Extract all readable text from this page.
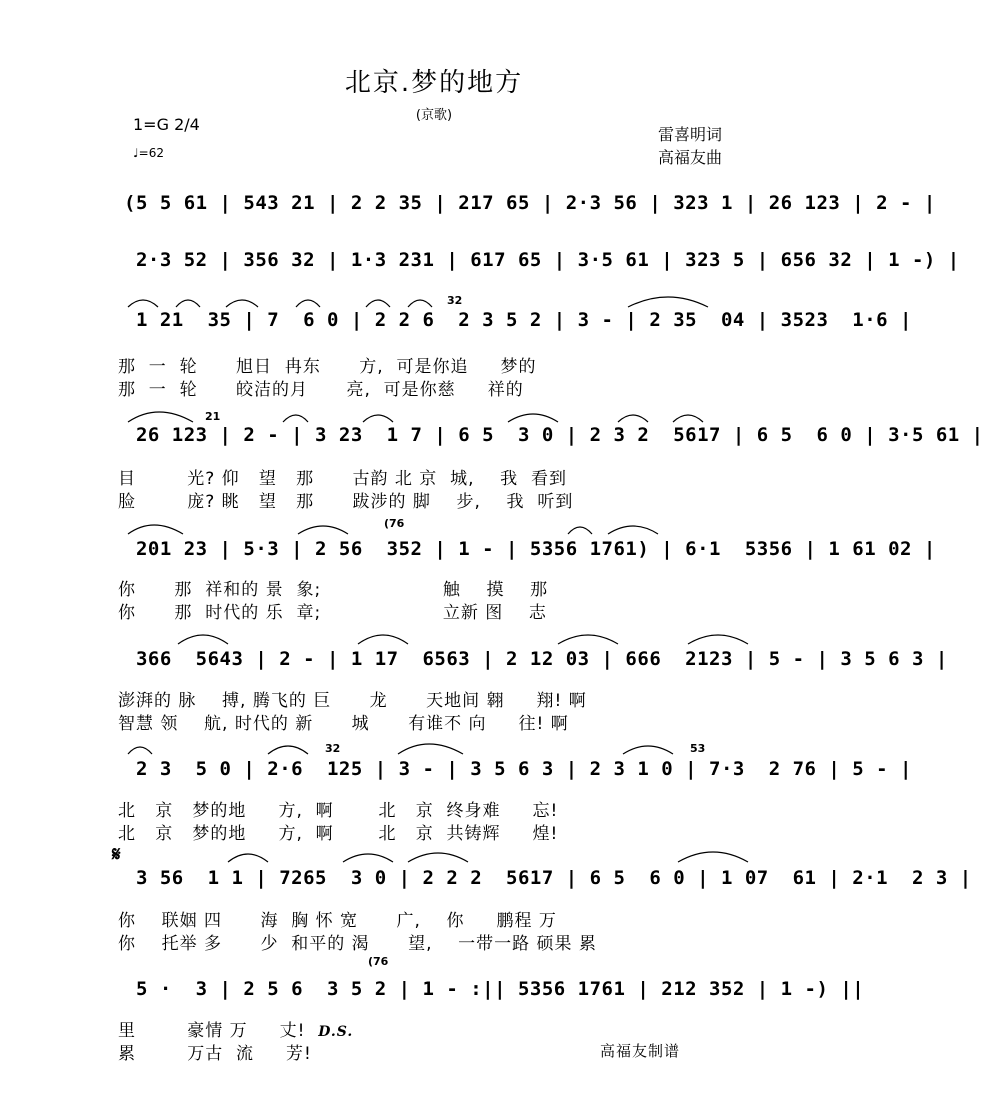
北京.梦的地方
(京歌)
1=G 2/4
♩=62
雷喜明词
高福友曲
(5 5 61 | 543 21 | 2 2 35 | 217 65 | 2·3 56 | 323 1 | 26 123 | 2 - |
2·3 52 | 356 32 | 1·3 231 | 617 65 | 3·5 61 | 323 5 | 656 32 | 1 -) |
1 21  35 | 7  6 0 | 2 2 6  2 3 5 2 | 3 - | 2 35  04 | 3523  1·6 |
那  一  轮      旭日  冉东      方,  可是你追     梦的
那  一  轮      皎洁的月      亮,  可是你慈     祥的
26 123 | 2 - | 3 23  1 7 | 6 5  3 0 | 2 3 2  5617 | 6 5  6 0 | 3·5 61 |
目        光? 仰   望   那      古韵 北 京  城,    我  看到
脸        庞? 眺   望   那      跋涉的 脚    步,    我  听到
201 23 | 5·3 | 2 56  352 | 1 - | 5356 1761) | 6·1  5356 | 1 61 02 |
你      那  祥和的 景  象;                   触    摸    那
你      那  时代的 乐  章;                   立新 图    志
366  5643 | 2 - | 1 17  6563 | 2 12 03 | 666  2123 | 5 - | 3 5 6 3 |
澎湃的 脉    搏, 腾飞的 巨      龙      天地间 翱     翔! 啊
智慧 领    航, 时代的 新      城      有谁不 向     往! 啊
2 3  5 0 | 2·6  125 | 3 - | 3 5 6 3 | 2 3 1 0 | 7·3  2 76 | 5 - |
北   京   梦的地     方,  啊       北   京  终身难     忘!
北   京   梦的地     方,  啊       北   京  共铸辉     煌!
𝄋
3 56  1 1 | 7265  3 0 | 2 2 2  5617 | 6 5  6 0 | 1 07  61 | 2·1  2 3 |
你    联姻 四      海  胸 怀 宽      广,    你     鹏程 万
你    托举 多      少  和平的 渴      望,    一带一路 硕果 累
5 ·  3 | 2 5 6  3 5 2 | 1 - :|| 5356 1761 | 212 352 | 1 -) ||
里        豪情 万     丈! D.S.
累        万古  流     芳!
32
21
(76
32	53
(76
高福友制谱
